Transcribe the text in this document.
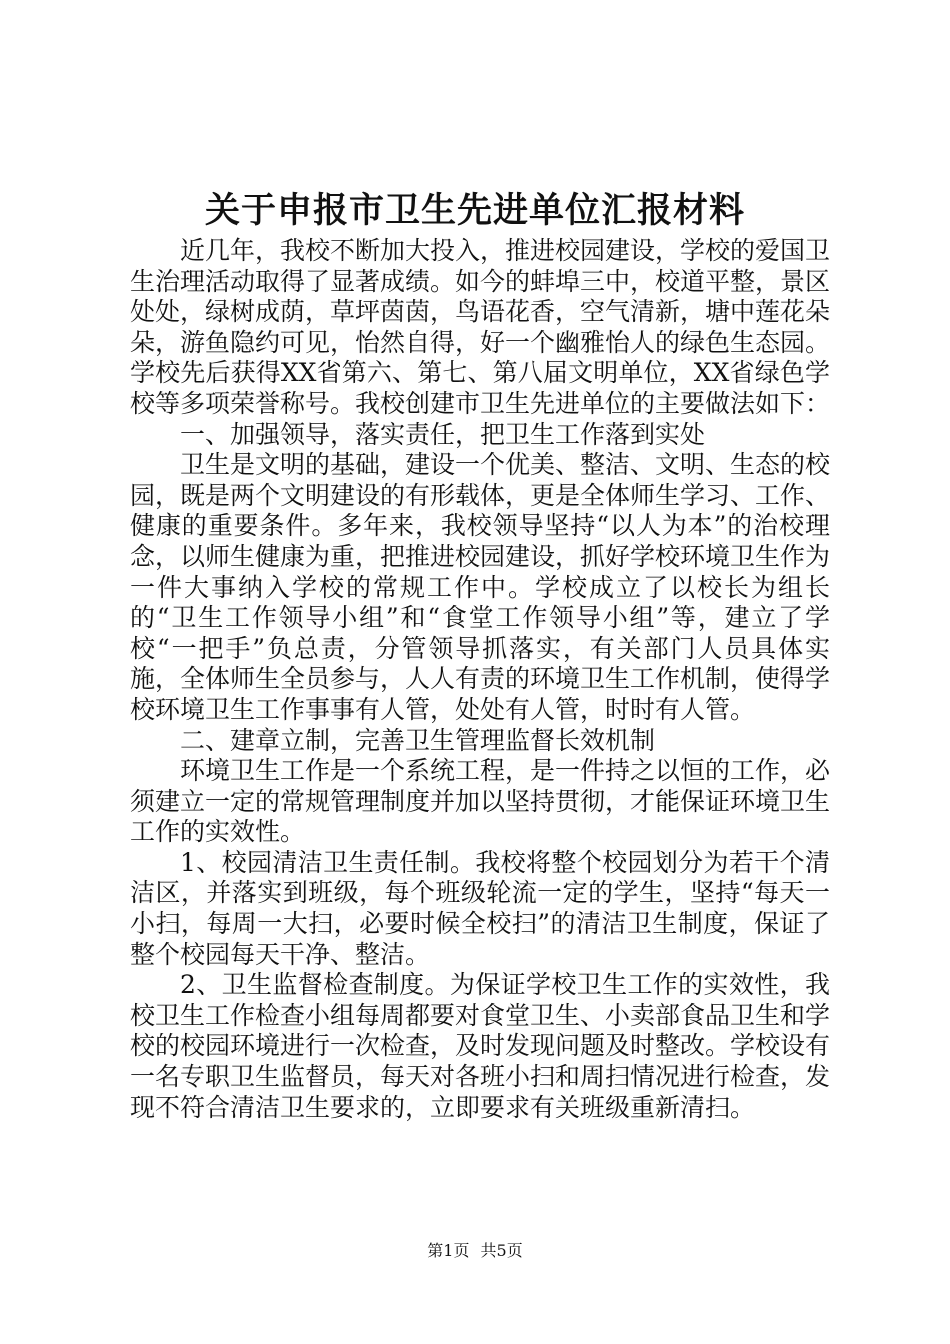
关于申报市卫生先进单位汇报材料

近几年，我校不断加大投入，推进校园建设，学校的爱国卫生治理活动取得了显著成绩。如今的蚌埠三中，校道平整，景区处处，绿树成荫，草坪茵茵，鸟语花香，空气清新，塘中莲花朵朵，游鱼隐约可见，怡然自得，好一个幽雅怡人的绿色生态园。学校先后获得XX省第六、第七、第八届文明单位，XX省绿色学校等多项荣誉称号。我校创建市卫生先进单位的主要做法如下：

一、加强领导，落实责任，把卫生工作落到实处

卫生是文明的基础，建设一个优美、整洁、文明、生态的校园，既是两个文明建设的有形载体，更是全体师生学习、工作、健康的重要条件。多年来，我校领导坚持“以人为本”的治校理念，以师生健康为重，把推进校园建设，抓好学校环境卫生作为一件大事纳入学校的常规工作中。学校成立了以校长为组长的“卫生工作领导小组”和“食堂工作领导小组”等，建立了学校“一把手”负总责，分管领导抓落实，有关部门人员具体实施，全体师生全员参与，人人有责的环境卫生工作机制，使得学校环境卫生工作事事有人管，处处有人管，时时有人管。

二、建章立制，完善卫生管理监督长效机制

环境卫生工作是一个系统工程，是一件持之以恒的工作，必须建立一定的常规管理制度并加以坚持贯彻，才能保证环境卫生工作的实效性。

1、校园清洁卫生责任制。我校将整个校园划分为若干个清洁区，并落实到班级，每个班级轮流一定的学生，坚持“每天一小扫，每周一大扫，必要时候全校扫”的清洁卫生制度，保证了整个校园每天干净、整洁。

2、卫生监督检查制度。为保证学校卫生工作的实效性，我校卫生工作检查小组每周都要对食堂卫生、小卖部食品卫生和学校的校园环境进行一次检查，及时发现问题及时整改。学校设有一名专职卫生监督员，每天对各班小扫和周扫情况进行检查，发现不符合清洁卫生要求的，立即要求有关班级重新清扫。

第1页 共5页
